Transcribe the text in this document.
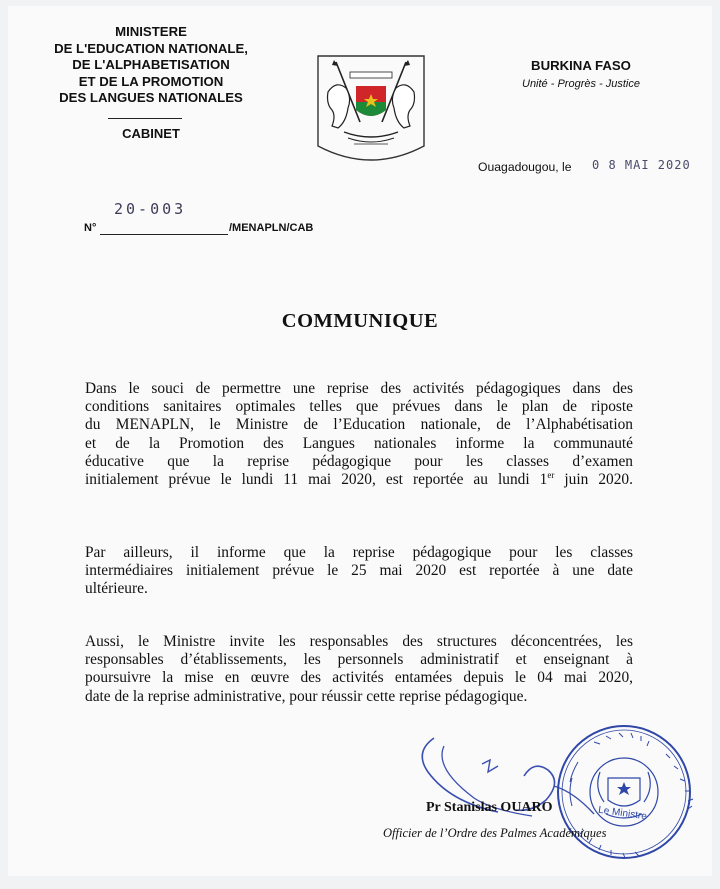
MINISTERE
DE L'EDUCATION NATIONALE,
DE L'ALPHABETISATION
ET DE LA PROMOTION
DES LANGUES NATIONALES
CABINET
BURKINA FASO
Unité - Progrès - Justice
Ouagadougou, le 0 8 MAI 2020
20-003
N°	/MENAPLN/CAB
COMMUNIQUE
Dans le souci de permettre une reprise des activités pédagogiques dans des
conditions sanitaires optimales telles que prévues dans le plan de riposte
du MENAPLN, le Ministre de l’Education nationale, de l’Alphabétisation
et de la Promotion des Langues nationales informe la communauté
éducative que la reprise pédagogique pour les classes d’examen
initialement prévue le lundi 11 mai 2020, est reportée au lundi 1er juin 2020.
Par ailleurs, il informe que la reprise pédagogique pour les classes
intermédiaires initialement prévue le 25 mai 2020 est reportée à une date
ultérieure.
Aussi, le Ministre invite les responsables des structures déconcentrées, les
responsables d’établissements, les personnels administratif et enseignant à
poursuivre la mise en œuvre des activités entamées depuis le 04 mai 2020,
date de la reprise administrative, pour réussir cette reprise pédagogique.
Le Ministre
Pr Stanislas OUARO
Officier de l’Ordre des Palmes Académiques
